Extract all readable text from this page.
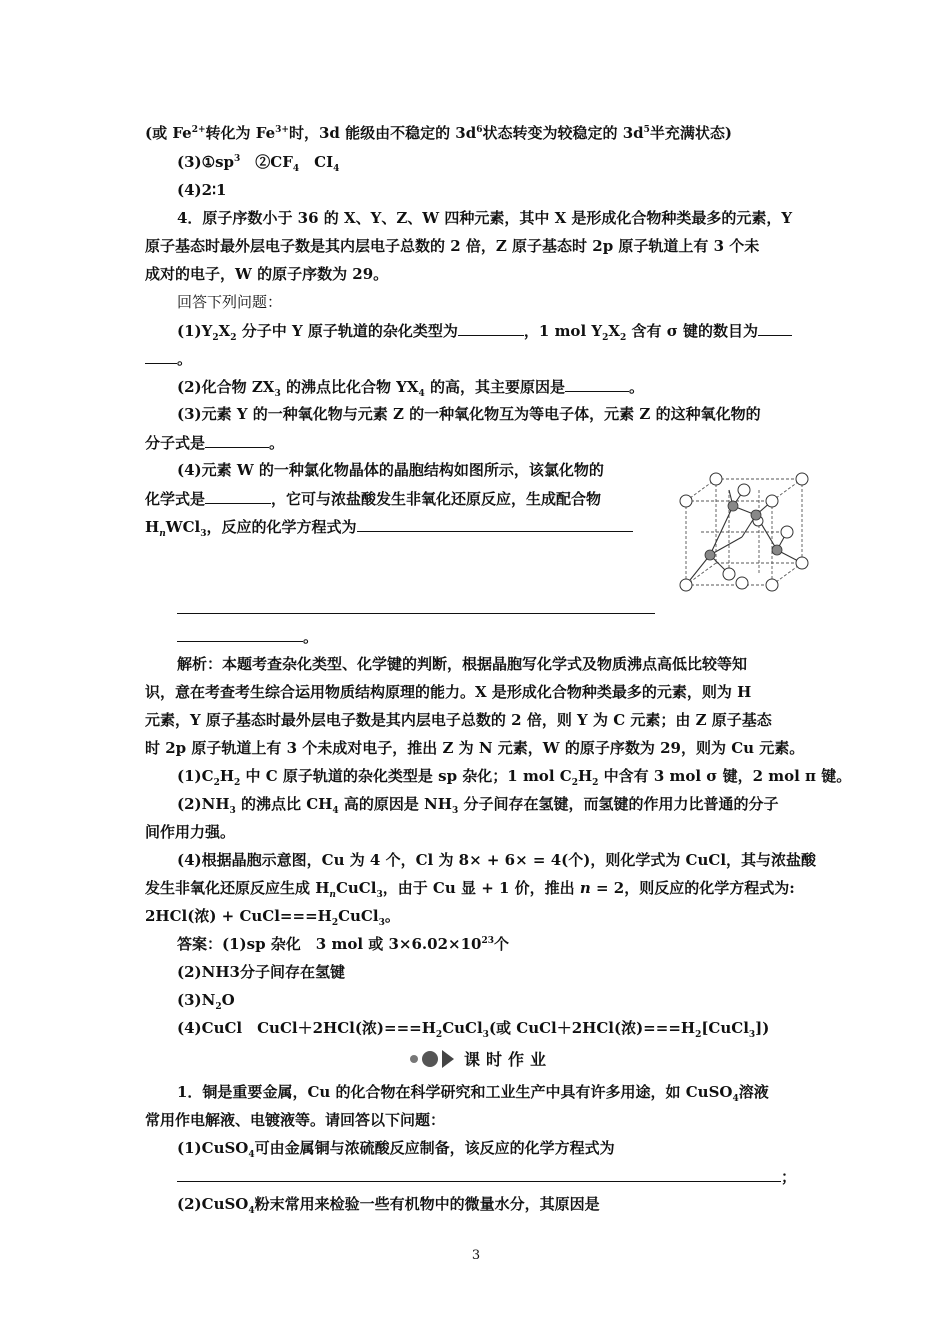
(或 $Fe^{2+}$转化为 $Fe^{3+}$时，3d 能级由不稳定的 $3d^6$状态转变为较稳定的 $3d^5$半充满状态)
$(3)①sp^3$　$②CF_4$　$CI_4$
(4)2∶1
4．原子序数小于 36 的 X、Y、Z、W 四种元素，其中 X 是形成化合物种类最多的元素，Y
原子基态时最外层电子数是其内层电子总数的 2 倍，Z 原子基态时 2p 原子轨道上有 3 个未
成对的电子，W 的原子序数为 29。
回答下列问题：
$(1)Y_2X_2$ 分子中 Y 原子轨道的杂化类型为	，1 mol $Y_2X_2$ 含有 σ 键的数目为
。
(2)化合物 $ZX_3$ 的沸点比化合物 $YX_4$ 的高，其主要原因是	。
(3)元素 Y 的一种氧化物与元素 Z 的一种氧化物互为等电子体，元素 Z 的这种氧化物的
分子式是	。
(4)元素 W 的一种氯化物晶体的晶胞结构如图所示，该氯化物的
化学式是	，它可与浓盐酸发生非氧化还原反应，生成配合物
$H_nWCl_3$，反应的化学方程式为
。
解析：本题考查杂化类型、化学键的判断，根据晶胞写化学式及物质沸点高低比较等知
识，意在考查考生综合运用物质结构原理的能力。X 是形成化合物种类最多的元素，则为 H
元素，Y 原子基态时最外层电子数是其内层电子总数的 2 倍，则 Y 为 C 元素；由 Z 原子基态
时 2p 原子轨道上有 3 个未成对电子，推出 Z 为 N 元素，W 的原子序数为 29，则为 Cu 元素。
$(1)C_2H_2$ 中 C 原子轨道的杂化类型是 sp 杂化；1 mol $C_2H_2$ 中含有 3 mol σ 键，2 mol π 键。
$(2)NH_3$ 的沸点比 $CH_4$ 高的原因是 $NH_3$ 分子间存在氢键，而氢键的作用力比普通的分子
间作用力强。
(4)根据晶胞示意图，Cu 为 4 个，Cl 为 8× + 6× = 4(个)，则化学式为 CuCl，其与浓盐酸
发生非氧化还原反应生成 $H_nCuCl_3$，由于 Cu 显 + 1 价，推出 n = 2，则反应的化学方程式为:
2HCl(浓) + $CuCl===H_2CuCl_3$。
答案：(1)sp 杂化　3 mol 或 $3\times 6.02\times 10^{23}$个
(2)NH3分子间存在氢键
$(3)N_2O$
(4)CuCl　CuCl＋2HCl(浓)$===H_2CuCl_3$(或 CuCl＋2HCl(浓)$===H_2[CuCl_3]$)
课时作业
1．铜是重要金属，Cu 的化合物在科学研究和工业生产中具有许多用途，如 CuSO$_4$溶液
常用作电解液、电镀液等。请回答以下问题：
(1)CuSO$_4$可由金属铜与浓硫酸反应制备，该反应的化学方程式为
；
(2)CuSO$_4$粉末常用来检验一些有机物中的微量水分，其原因是
3
